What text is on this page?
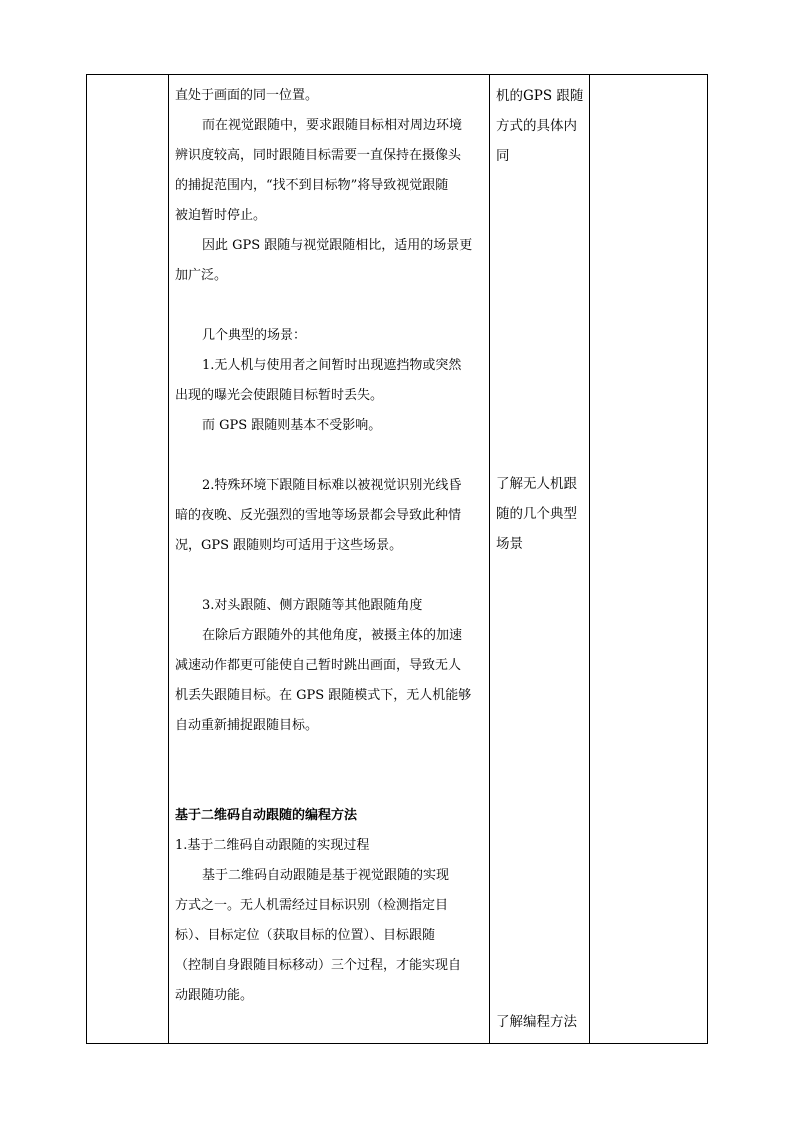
直处于画面的同一位置。
而在视觉跟随中，要求跟随目标相对周边环境
辨识度较高，同时跟随目标需要一直保持在摄像头
的捕捉范围内，“找不到目标物”将导致视觉跟随
被迫暂时停止。
因此 GPS 跟随与视觉跟随相比，适用的场景更
加广泛。
几个典型的场景：
1.无人机与使用者之间暂时出现遮挡物或突然
出现的曝光会使跟随目标暂时丢失。
而 GPS 跟随则基本不受影响。
2.特殊环境下跟随目标难以被视觉识别光线昏
暗的夜晚、反光强烈的雪地等场景都会导致此种情
况，GPS 跟随则均可适用于这些场景。
3.对头跟随、侧方跟随等其他跟随角度
在除后方跟随外的其他角度，被摄主体的加速
减速动作都更可能使自己暂时跳出画面，导致无人
机丢失跟随目标。在 GPS 跟随模式下，无人机能够
自动重新捕捉跟随目标。
基于二维码自动跟随的编程方法
1.基于二维码自动跟随的实现过程
基于二维码自动跟随是基于视觉跟随的实现
方式之一。无人机需经过目标识别（检测指定目
标）、目标定位（获取目标的位置）、目标跟随
（控制自身跟随目标移动）三个过程，才能实现自
动跟随功能。
机的GPS 跟随
方式的具体内
同
了解无人机跟
随的几个典型
场景
了解编程方法
